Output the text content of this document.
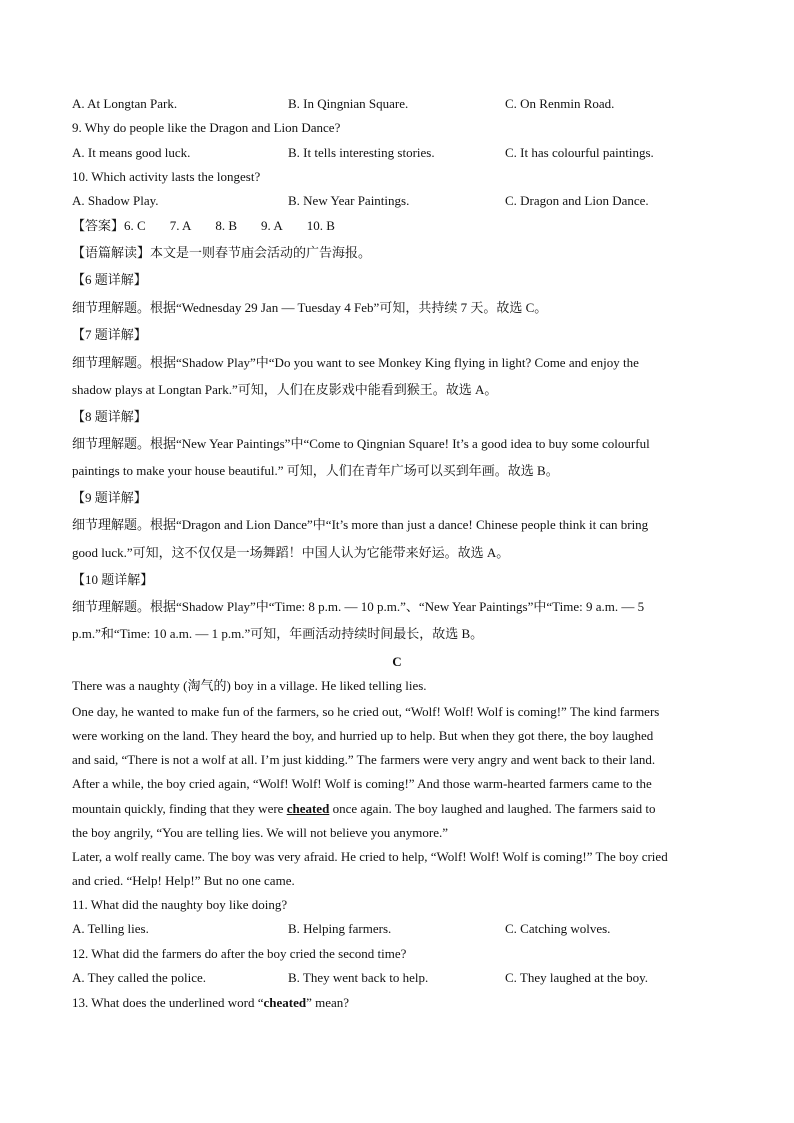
A. At Longtan Park.	B. In Qingnian Square.	C. On Renmin Road.
9. Why do people like the Dragon and Lion Dance?
A. It means good luck.	B. It tells interesting stories.	C. It has colourful paintings.
10. Which activity lasts the longest?
A. Shadow Play.	B. New Year Paintings.	C. Dragon and Lion Dance.
【答案】6. C 7. A 8. B 9. A 10. B
【语篇解读】本文是一则春节庙会活动的广告海报。
【6 题详解】
细节理解题。根据“Wednesday 29 Jan — Tuesday 4 Feb”可知，共持续 7 天。故选 C。
【7 题详解】
细节理解题。根据“Shadow Play”中“Do you want to see Monkey King flying in light? Come and enjoy the
shadow plays at Longtan Park.”可知，人们在皮影戏中能看到猴王。故选 A。
【8 题详解】
细节理解题。根据“New Year Paintings”中“Come to Qingnian Square! It’s a good idea to buy some colourful
paintings to make your house beautiful.” 可知，人们在青年广场可以买到年画。故选 B。
【9 题详解】
细节理解题。根据“Dragon and Lion Dance”中“It’s more than just a dance! Chinese people think it can bring
good luck.”可知，这不仅仅是一场舞蹈！中国人认为它能带来好运。故选 A。
【10 题详解】
细节理解题。根据“Shadow Play”中“Time: 8 p.m. — 10 p.m.”、“New Year Paintings”中“Time: 9 a.m. — 5
p.m.”和“Time: 10 a.m. — 1 p.m.”可知，年画活动持续时间最长，故选 B。
C
There was a naughty (淘气的) boy in a village. He liked telling lies.
One day, he wanted to make fun of the farmers, so he cried out, “Wolf! Wolf! Wolf is coming!” The kind farmers
were working on the land. They heard the boy, and hurried up to help. But when they got there, the boy laughed
and said, “There is not a wolf at all. I’m just kidding.” The farmers were very angry and went back to their land.
After a while, the boy cried again, “Wolf! Wolf! Wolf is coming!” And those warm-hearted farmers came to the
mountain quickly, finding that they were cheated once again. The boy laughed and laughed. The farmers said to
the boy angrily, “You are telling lies. We will not believe you anymore.”
Later, a wolf really came. The boy was very afraid. He cried to help, “Wolf! Wolf! Wolf is coming!” The boy cried
and cried. “Help! Help!” But no one came.
11. What did the naughty boy like doing?
A. Telling lies.	B. Helping farmers.	C. Catching wolves.
12. What did the farmers do after the boy cried the second time?
A. They called the police.	B. They went back to help.	C. They laughed at the boy.
13. What does the underlined word “cheated” mean?
